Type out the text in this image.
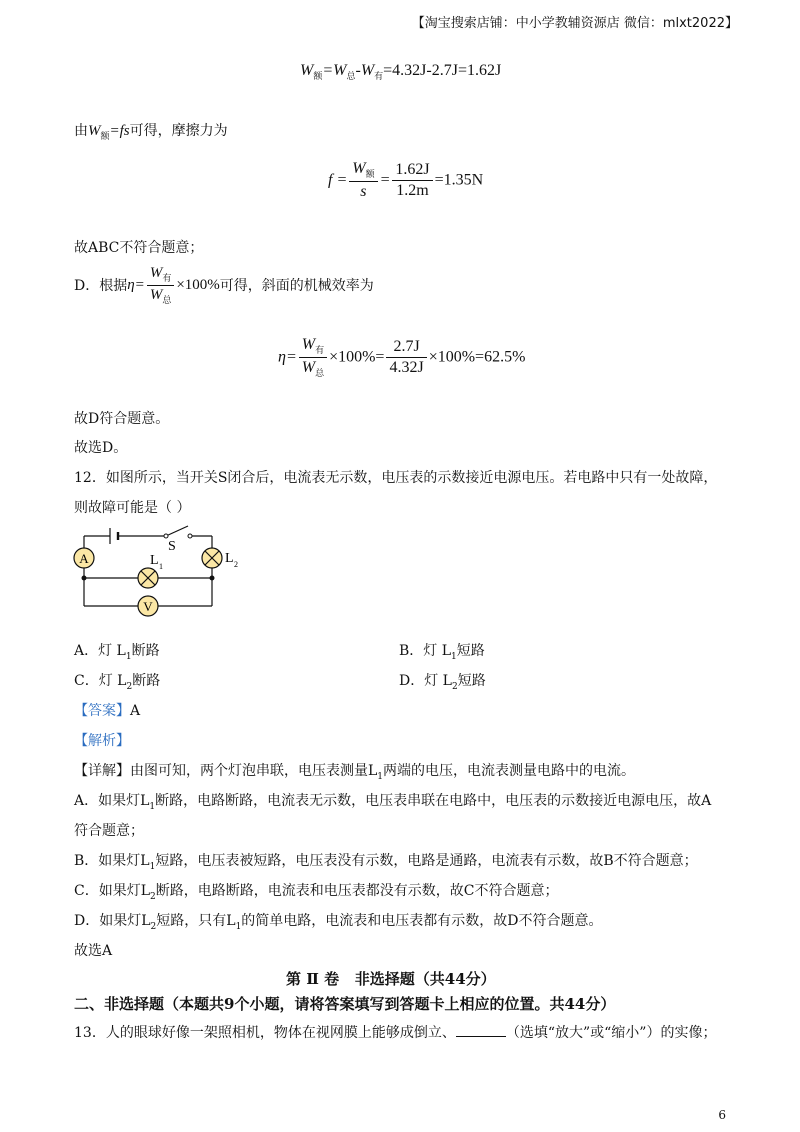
【淘宝搜索店铺：中小学教辅资源店 微信：mlxt2022】
$W_额=W_总-W_有=4.32J-2.7J=1.62J$
由$W_额=fs$可得，摩擦力为
$f = \frac{W_额}{s} = \frac{1.62J}{1.2m} =1.35N$
故ABC不符合题意；
D．根据$\eta= \frac{W_有}{W_总} \times 100\%$可得，斜面的机械效率为
$\eta= \frac{W_有}{W_总} \times 100\%= \frac{2.7J}{4.32J} \times 100\%=62.5\%$
故D符合题意。
故选D。
12．如图所示，当开关S闭合后，电流表无示数，电压表的示数接近电源电压。若电路中只有一处故障，
则故障可能是（ ）
A	L 2
L 1
V
S
A．灯 $L_1$断路	B．灯 $L_1$短路
C．灯 $L_2$断路	D．灯 $L_2$短路
【答案】A
【解析】
【详解】由图可知，两个灯泡串联，电压表测量$L_1$两端的电压，电流表测量电路中的电流。
A．如果灯$L_1$断路，电路断路，电流表无示数，电压表串联在电路中，电压表的示数接近电源电压，故A
符合题意；
B．如果灯$L_1$短路，电压表被短路，电压表没有示数，电路是通路，电流表有示数，故B不符合题意；
C．如果灯$L_2$断路，电路断路，电流表和电压表都没有示数，故C不符合题意；
D．如果灯$L_2$短路，只有$L_1$的简单电路，电流表和电压表都有示数，故D不符合题意。
故选A
第 Ⅱ 卷   非选择题（共44分）
二、非选择题（本题共9个小题，请将答案填写到答题卡上相应的位置。共44分）
13．人的眼球好像一架照相机，物体在视网膜上能够成倒立、	（选填“放大”或“缩小”）的实像；
6
